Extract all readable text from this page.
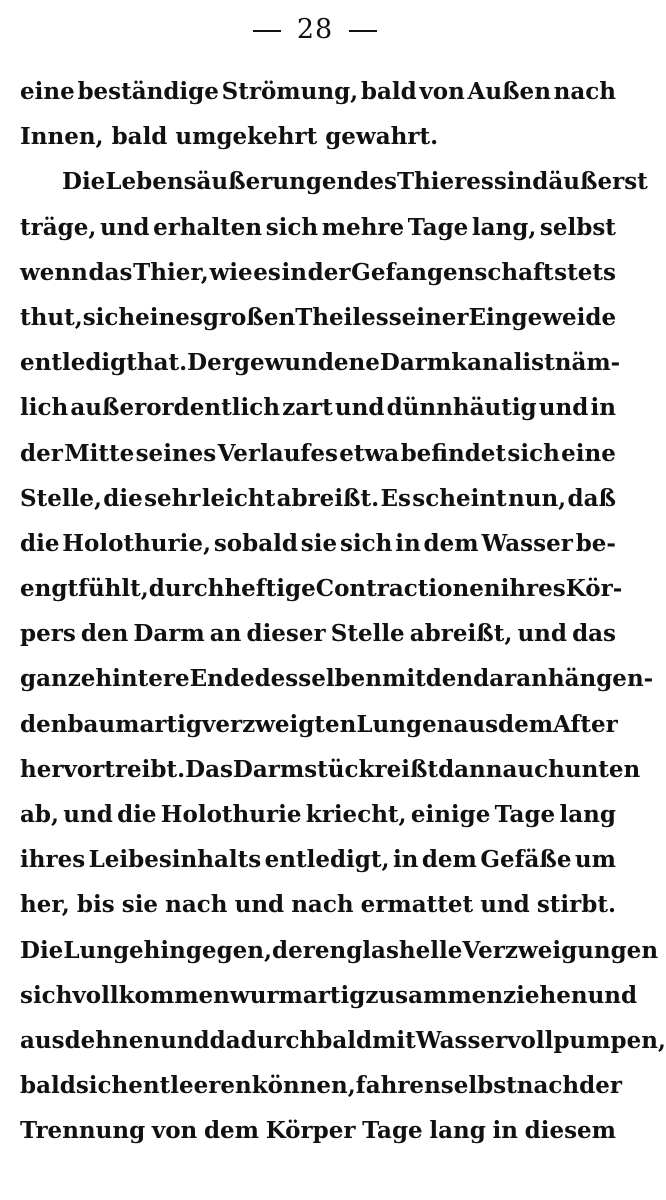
28
eine beständige Strömung, bald von Außen nach
Innen, bald umgekehrt gewahrt.
Die Lebensäußerungen des Thieres sind äußerst
träge, und erhalten sich mehre Tage lang, selbst
wenn das Thier, wie es in der Gefangenschaft stets
thut, sich eines großen Theiles seiner Eingeweide
entledigt hat. Der gewundene Darmkanal ist näm-
lich außerordentlich zart und dünnhäutig und in
der Mitte seines Verlaufes etwa befindet sich eine
Stelle, die sehr leicht abreißt. Es scheint nun, daß
die Holothurie, sobald sie sich in dem Wasser be-
engt fühlt, durch heftige Contractionen ihres Kör-
pers den Darm an dieser Stelle abreißt, und das
ganze hintere Ende desselben mit den daran hängen-
den baumartig verzweigten Lungen aus dem After
hervortreibt. Das Darmstück reißt dann auch unten
ab, und die Holothurie kriecht, einige Tage lang
ihres Leibesinhalts entledigt, in dem Gefäße um
her, bis sie nach und nach ermattet und stirbt.
Die Lunge hingegen, deren glashelle Verzweigungen
sich vollkommen wurmartig zusammenziehen und
ausdehnen und dadurch bald mit Wasser vollpumpen,
bald sich entleeren können, fahren selbst nach der
Trennung von dem Körper Tage lang in diesem
